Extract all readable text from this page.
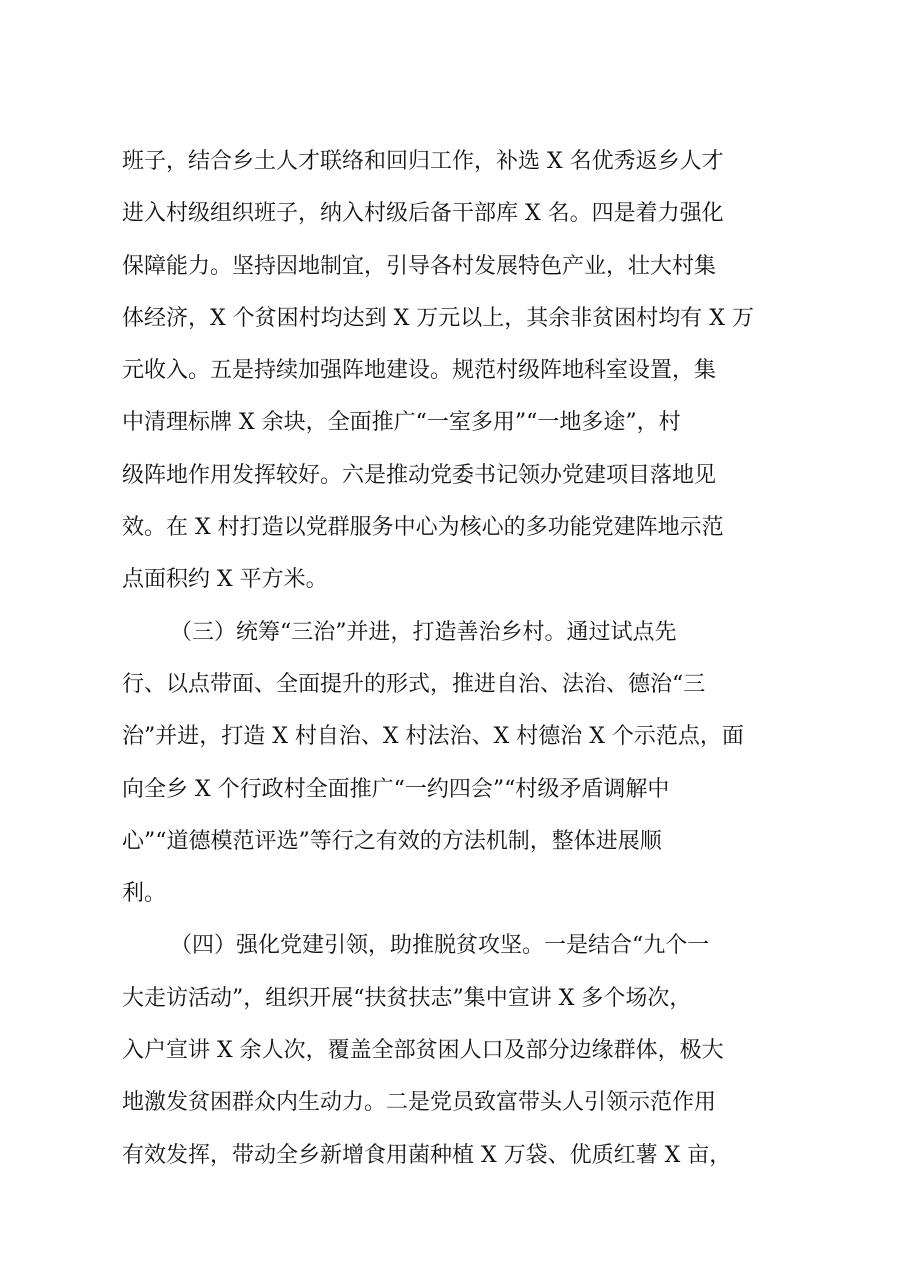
班子，结合乡土人才联络和回归工作，补选 X 名优秀返乡人才
进入村级组织班子，纳入村级后备干部库 X 名。四是着力强化
保障能力。坚持因地制宜，引导各村发展特色产业，壮大村集
体经济，X 个贫困村均达到 X 万元以上，其余非贫困村均有 X 万
元收入。五是持续加强阵地建设。规范村级阵地科室设置，集
中清理标牌 X 余块，全面推广“一室多用”“一地多途”，村
级阵地作用发挥较好。六是推动党委书记领办党建项目落地见
效。在 X 村打造以党群服务中心为核心的多功能党建阵地示范
点面积约 X 平方米。
（三）统筹“三治”并进，打造善治乡村。通过试点先
行、以点带面、全面提升的形式，推进自治、法治、德治“三
治”并进，打造 X 村自治、X 村法治、X 村德治 X 个示范点，面
向全乡 X 个行政村全面推广“一约四会”“村级矛盾调解中
心”“道德模范评选”等行之有效的方法机制，整体进展顺
利。
（四）强化党建引领，助推脱贫攻坚。一是结合“九个一
大走访活动”，组织开展“扶贫扶志”集中宣讲 X 多个场次，
入户宣讲 X 余人次，覆盖全部贫困人口及部分边缘群体，极大
地激发贫困群众内生动力。二是党员致富带头人引领示范作用
有效发挥，带动全乡新增食用菌种植 X 万袋、优质红薯 X 亩，
